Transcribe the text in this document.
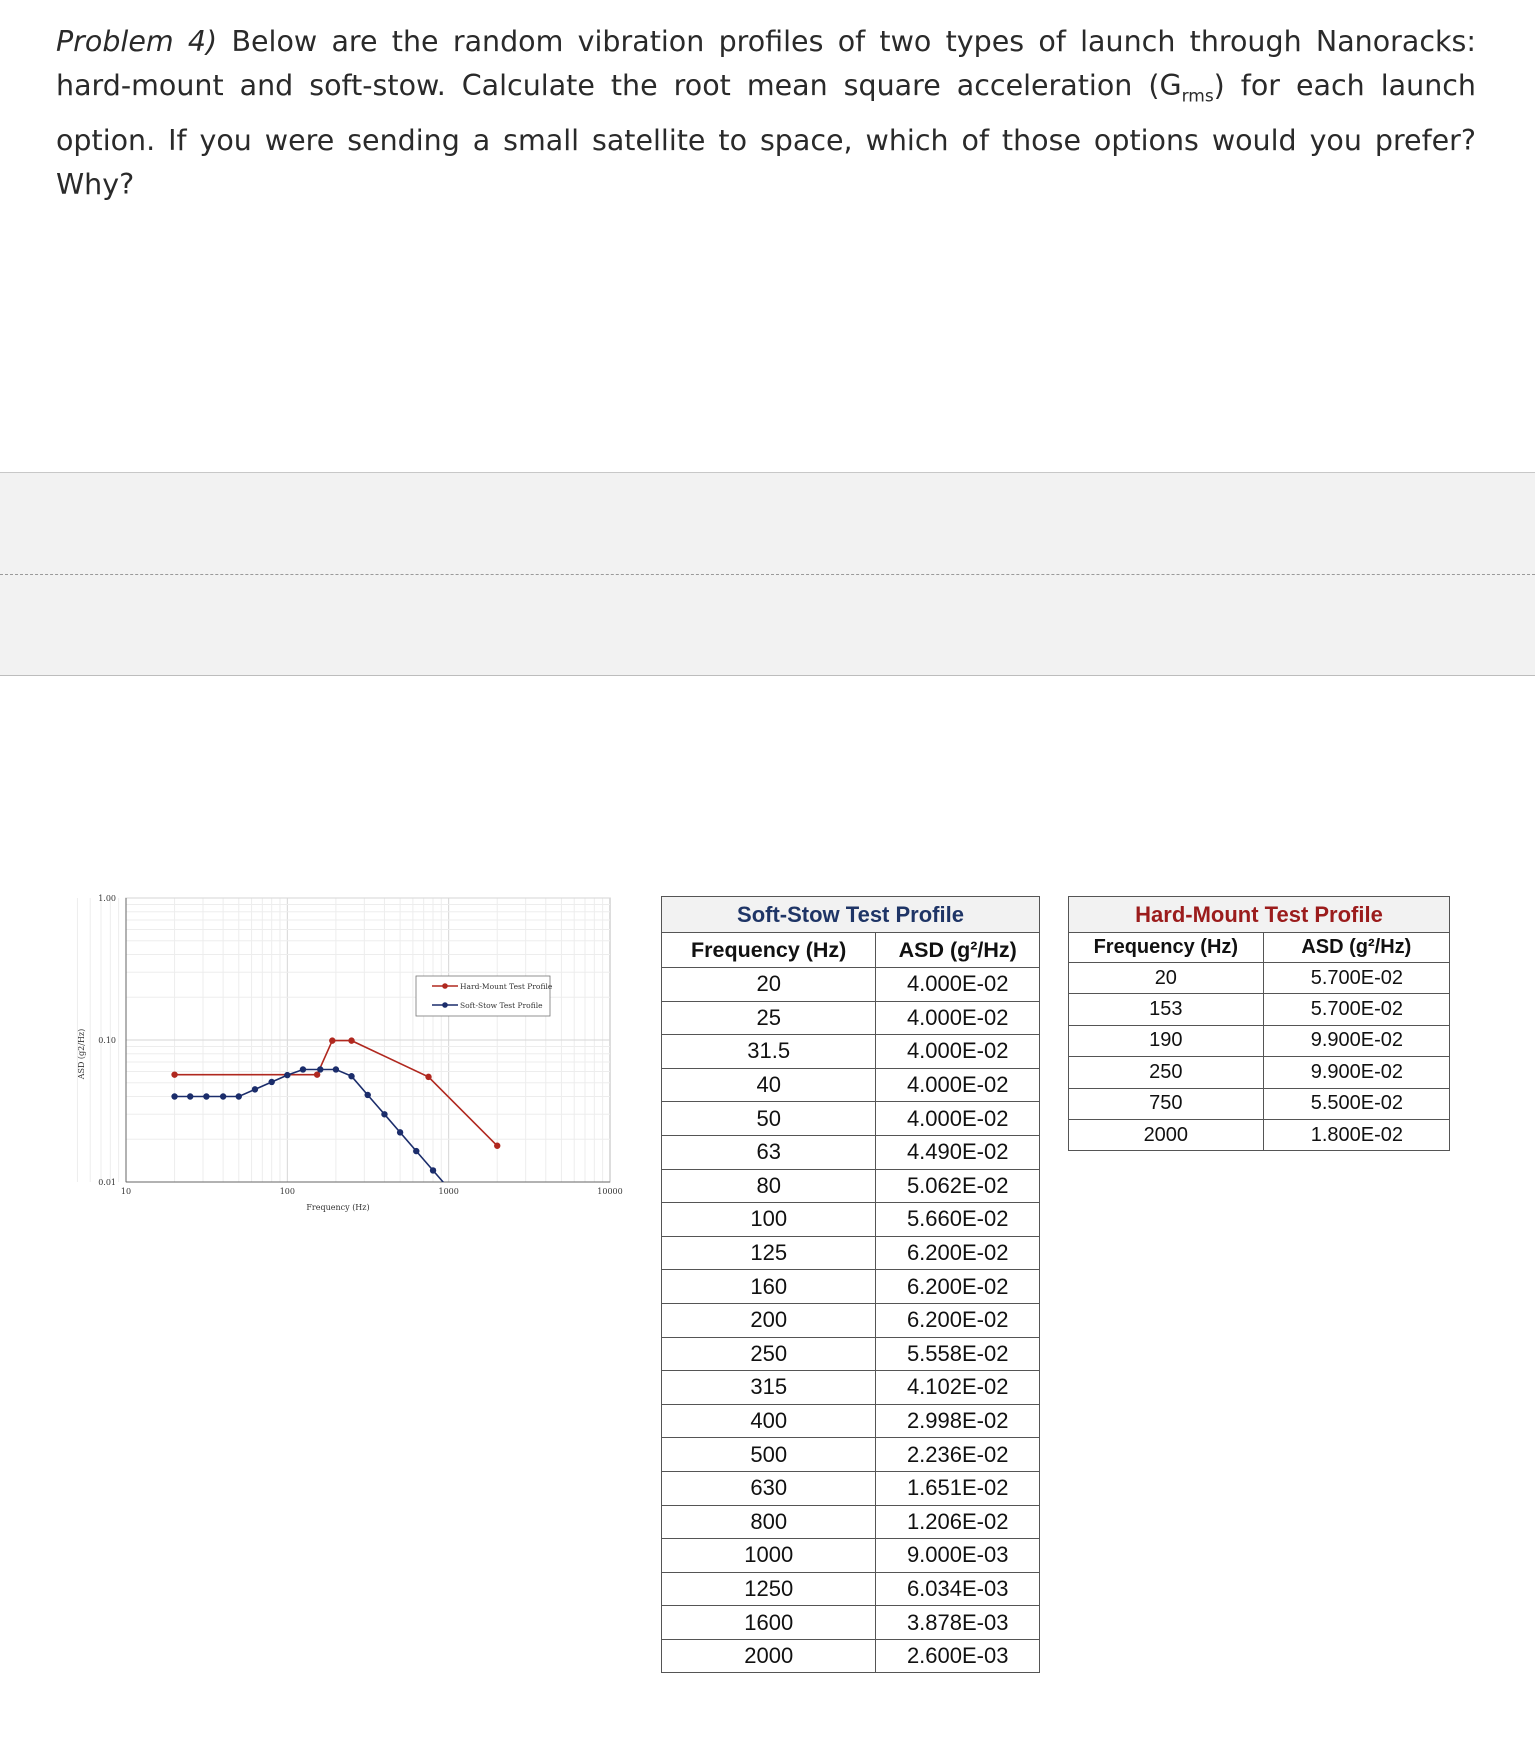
Problem 4) Below are the random vibration profiles of two types of launch through Nanoracks: hard-mount and soft-stow. Calculate the root mean square acceleration $(G_{rms})$ for each launch option. If you were sending a small satellite to space, which of those options would you prefer? Why?
10	100	1000	10000
0.01
0.10
1.00
Frequency (Hz)
ASD (g2/Hz)
Hard-Mount Test Profile
Soft-Stow Test Profile
Soft-Stow Test Profile
Frequency (Hz)	ASD (g²/Hz)
20	4.000E-02
25	4.000E-02
31.5	4.000E-02
40	4.000E-02
50	4.000E-02
63	4.490E-02
80	5.062E-02
100	5.660E-02
125	6.200E-02
160	6.200E-02
200	6.200E-02
250	5.558E-02
315	4.102E-02
400	2.998E-02
500	2.236E-02
630	1.651E-02
800	1.206E-02
1000	9.000E-03
1250	6.034E-03
1600	3.878E-03
2000	2.600E-03
Hard-Mount Test Profile
Frequency (Hz)	ASD (g²/Hz)
20	5.700E-02
153	5.700E-02
190	9.900E-02
250	9.900E-02
750	5.500E-02
2000	1.800E-02
